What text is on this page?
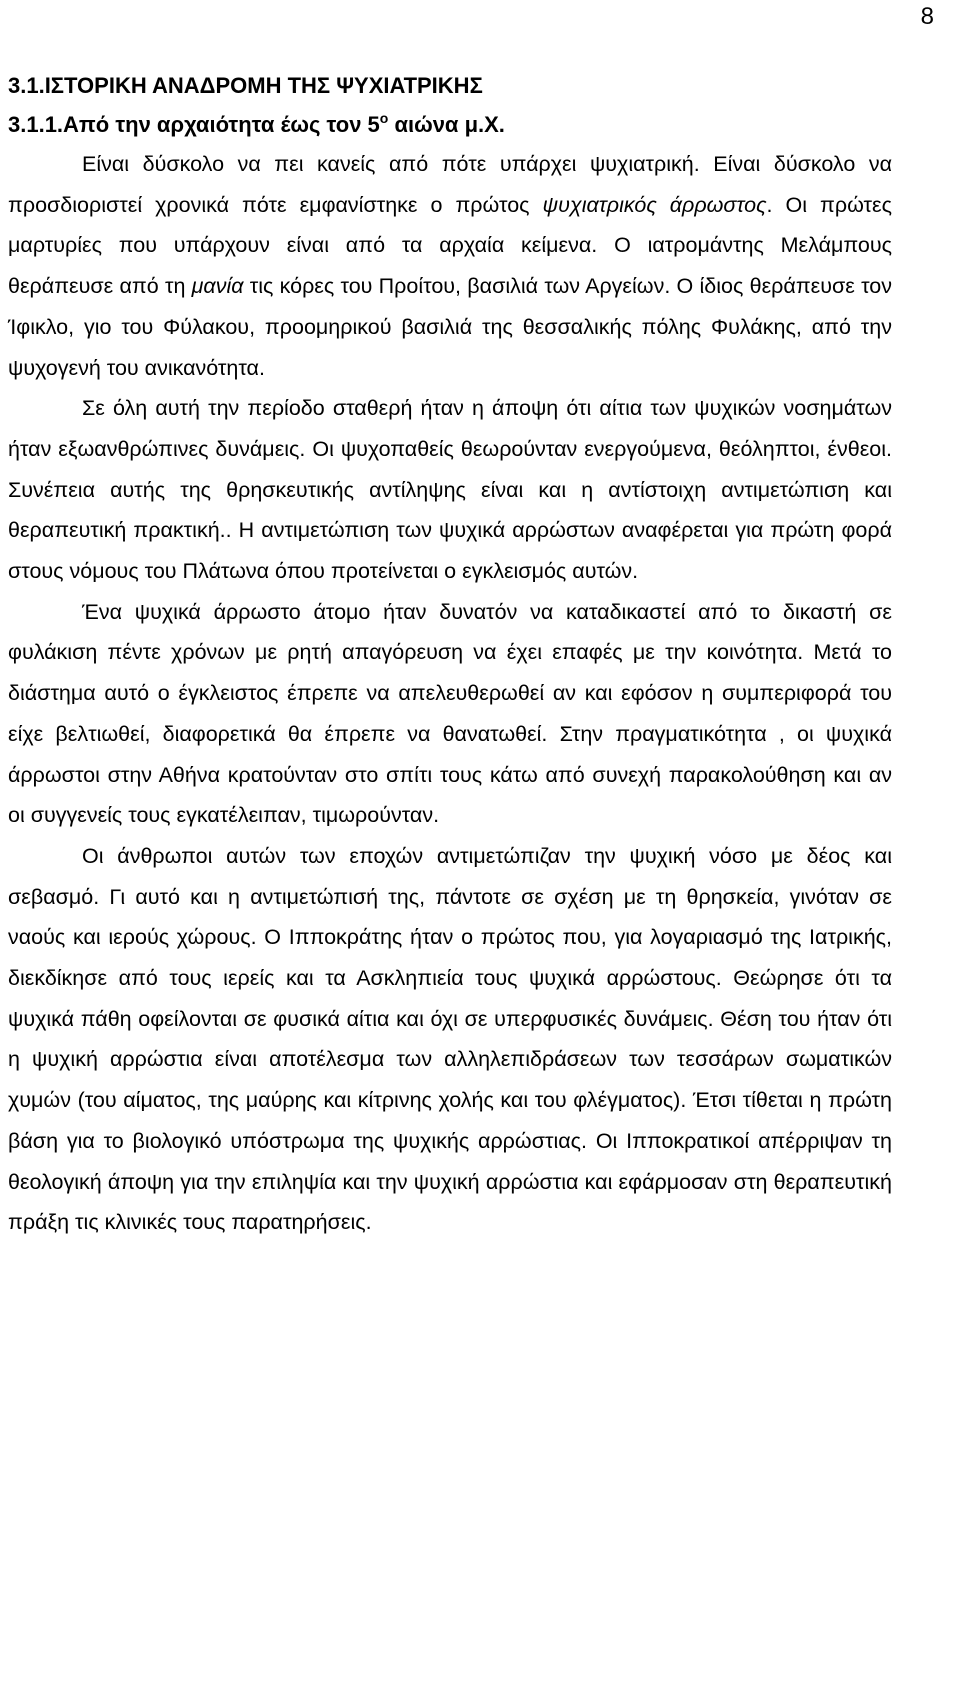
8
3.1.ΙΣΤΟΡΙΚΗ ΑΝΑΔΡΟΜΗ ΤΗΣ ΨΥΧΙΑΤΡΙΚΗΣ
3.1.1.Από την αρχαιότητα έως τον $5^o$ αιώνα μ.Χ.

Είναι δύσκολο να πει κανείς από πότε υπάρχει ψυχιατρική. Είναι δύσκολο να προσδιοριστεί χρονικά πότε εμφανίστηκε ο πρώτος ψυχιατρικός άρρωστος. Οι πρώτες μαρτυρίες που υπάρχουν είναι από τα αρχαία κείμενα. Ο ιατρομάντης Μελάμπους θεράπευσε από τη μανία τις κόρες του Προίτου, βασιλιά των Αργείων. Ο ίδιος θεράπευσε τον Ίφικλο, γιο του Φύλακου, προομηρικού βασιλιά της θεσσαλικής πόλης Φυλάκης, από την ψυχογενή του ανικανότητα.

Σε όλη αυτή την περίοδο σταθερή ήταν η άποψη ότι αίτια των ψυχικών νοσημάτων ήταν εξωανθρώπινες δυνάμεις. Οι ψυχοπαθείς θεωρούνταν ενεργούμενα, θεόληπτοι, ένθεοι. Συνέπεια αυτής της θρησκευτικής αντίληψης είναι και η αντίστοιχη αντιμετώπιση και θεραπευτική πρακτική.. Η αντιμετώπιση των ψυχικά αρρώστων αναφέρεται για πρώτη φορά στους νόμους του Πλάτωνα όπου προτείνεται ο εγκλεισμός αυτών.

Ένα ψυχικά άρρωστο άτομο ήταν δυνατόν να καταδικαστεί από το δικαστή σε φυλάκιση πέντε χρόνων με ρητή απαγόρευση να έχει επαφές με την κοινότητα. Μετά το διάστημα αυτό ο έγκλειστος έπρεπε να απελευθερωθεί αν και εφόσον η συμπεριφορά του είχε βελτιωθεί, διαφορετικά θα έπρεπε να θανατωθεί. Στην πραγματικότητα , οι ψυχικά άρρωστοι στην Αθήνα κρατούνταν στο σπίτι τους κάτω από συνεχή παρακολούθηση και αν οι συγγενείς τους εγκατέλειπαν, τιμωρούνταν.

Οι άνθρωποι αυτών των εποχών αντιμετώπιζαν την ψυχική νόσο με δέος και σεβασμό. Γι αυτό και η αντιμετώπισή της, πάντοτε σε σχέση με τη θρησκεία, γινόταν σε ναούς και ιερούς χώρους. Ο Ιπποκράτης ήταν ο πρώτος που, για λογαριασμό της Ιατρικής, διεκδίκησε από τους ιερείς και τα Ασκληπιεία τους ψυχικά αρρώστους. Θεώρησε ότι τα ψυχικά πάθη οφείλονται σε φυσικά αίτια και όχι σε υπερφυσικές δυνάμεις. Θέση του ήταν ότι η ψυχική αρρώστια είναι αποτέλεσμα των αλληλεπιδράσεων των τεσσάρων σωματικών χυμών (του αίματος, της μαύρης και κίτρινης χολής και του φλέγματος). Έτσι τίθεται η πρώτη βάση για το βιολογικό υπόστρωμα της ψυχικής αρρώστιας. Οι Ιπποκρατικοί απέρριψαν τη θεολογική άποψη για την επιληψία και την ψυχική αρρώστια και εφάρμοσαν στη θεραπευτική πράξη τις κλινικές τους παρατηρήσεις.
